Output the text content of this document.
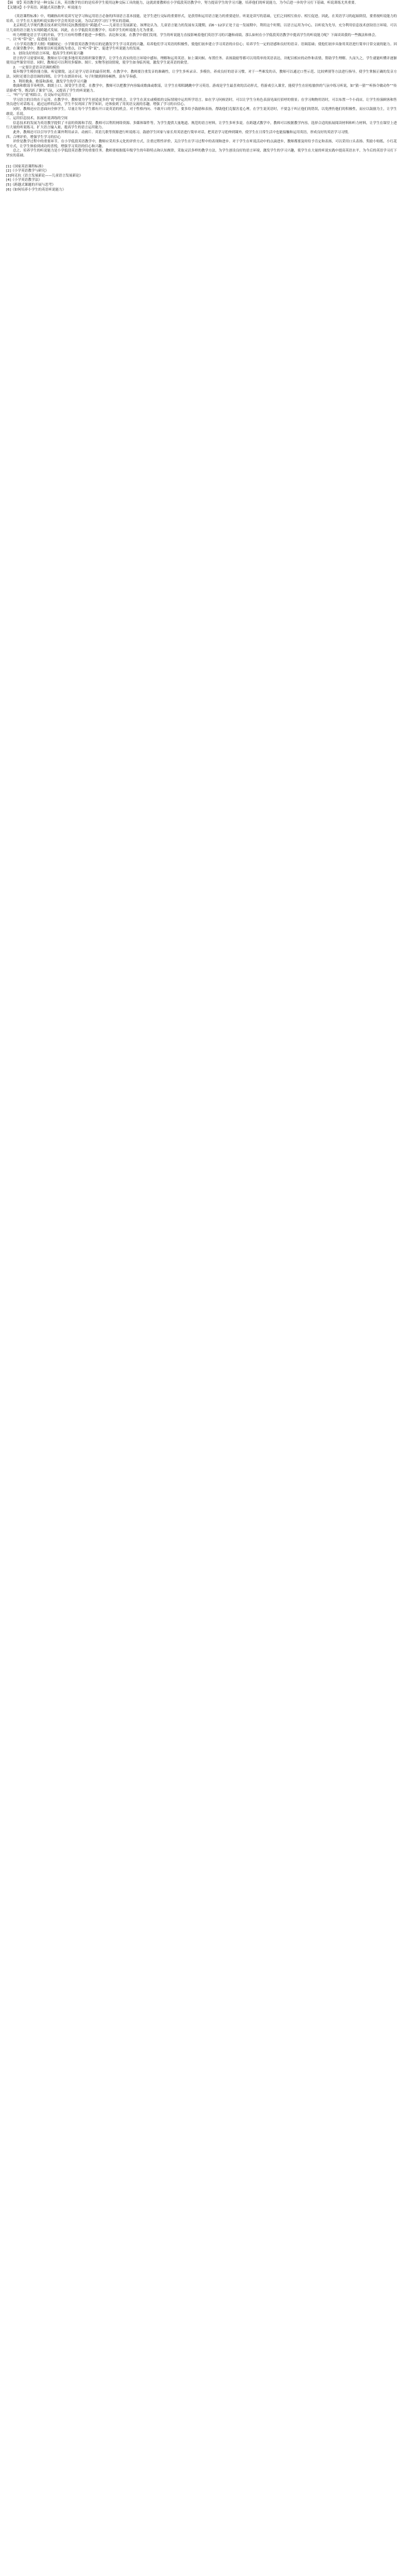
【摘　要】英语教学是一种交际工具，英语教学的目的是培养学生使用这种交际工具的能力，这就需要教师在小学低段英语教学中，努力提高学生的学习兴趣，培养他们的听说能力，为今后进一步的学习打下基础。听说训练尤其重要。

【关键词】小学英语；跨越式英语教学；听说能力

《英语课程标准》中，明确指出听说读写是学习和运用语言必备的四项语言基本技能，是学生进行交际的重要形式，是获得和运用语言能力的重要途径。听说是读写的基础，它们之间相互依存、相互促进。因此，在英语学习的起始阶段，要重视听说能力的培养，让学生在大量的听说实践中学会用英语交流，为以后的学习打下坚实的基础。

北京师范大学现代教育技术研究所何克抗教授提出“跨越式”——儿童语言发展新论。该理论认为，儿童语言能力的发展有关键期，而6～12岁正处于这一发展期中，利用这个时期，以语言运用为中心，以听说为先导，充分利用信息技术创设语言环境，可以让儿童的语言能力实现跨越式发展。因此，在小学低段英语教学中，培养学生的听说能力尤为重要。

听力理解是语言学习的开始，学生只有听得懂才能进一步模仿、表达和交流。在教学中我们发现，学生的听说能力直接影响着他们英语学习的兴趣和成绩。那么如何在小学低段英语教学中提高学生的听说能力呢？下面谈谈我的一些做法和体会。

一、以“听”带“说”，促进能力发展

《小学英语教学大纲》明确规定：小学阶段英语教学的目的是激发学生学习英语的兴趣，培养他们学习英语的积极性，使他们初步建立学习英语的自信心；培养学生一定的语感和良好的语音、语调基础；使他们初步具备用英语进行简单日常交流的能力。因此，在课堂教学中，教师要以听说训练为重点，以“听”带“说”，促进学生听说能力的发展。

1．创设良好的语言环境，提高学生的听说兴趣

语言的学习需要环境。教师应尽可能多地用英语组织课堂教学，让学生在真实的语言环境中感知、理解和运用英语。如上课问候、布置任务、表扬鼓励等都可以用简单的英语表达，并配以相应的动作和表情，帮助学生理解。久而久之，学生就能听懂并逐渐使用这些课堂用语。同时，教师还可以利用多媒体、图片、实物等创设情境，使学生如身临其境，激发学生说英语的欲望。

2．一定要注意语音语调的模仿

低年级学生模仿能力强，听觉敏锐，这正是学习语音的最佳时期。在教学中，教师要注重发音的准确性，让学生多听录音、多模仿，养成良好的语音习惯。对于一些难发的音，教师可以通过口型示范、比较辨别等方法进行指导，使学生掌握正确的发音方法。同时还要注意语调的训练，让学生在朗读单词、句子时做到抑扬顿挫，富有节奏感。

3．利用歌曲、歌谣和游戏，激发学生的学习兴趣

歌曲和歌谣节奏明快、朗朗上口，深受学生喜爱。在教学中，教师可以把教学内容编成歌曲或歌谣，让学生在唱唱跳跳中学习英语。游戏是学生最喜欢的活动形式，将游戏引入课堂，能使学生在轻松愉快的气氛中练习听说，如“猜一猜”“听指令做动作”“传话游戏”等，既活跃了课堂气氛，又提高了学生的听说能力。

二、“听”与“说”相结合，在交际中运用语言

学习语言的目的在于运用。在教学中，教师要为学生创造更多的“说”的机会，让学生在真实或模拟的交际情境中运用所学语言。如在学习问候语时，可以让学生分角色表演见面打招呼的情景；在学习购物用语时，可以布置一个小商店，让学生扮演顾客和售货员进行对话练习。通过这样的活动，学生不仅巩固了所学知识，还体验到了用英语交流的乐趣，增强了学习的自信心。

同时，教师还应注意面向全体学生，尽量让每个学生都有开口说英语的机会。对于性格内向、不敢开口的学生，要多给予鼓励和表扬，帮助他们克服害羞心理。在学生说英语时，不要急于纠正他们的错误，以免挫伤他们的积极性，而应以鼓励为主，让学生敢说、乐说。

三、运用信息技术，拓展听说训练的空间

信息技术的发展为英语教学提供了丰富的资源和手段。教师可以利用网络资源、多媒体课件等，为学生提供大量地道、规范的语言材料，让学生多听多说。在跨越式教学中，教师可以根据教学内容，选择合适的拓展阅读材料和听力材料，让学生在课堂上进行大量的听说练习，扩大语言输入量，提高学生的语言运用能力。

此外，教师还可以引导学生在课外利用录音、动画片、英语儿歌等资源进行听说练习，鼓励学生回家与家长用英语进行简单对话，把英语学习延伸到课外，使学生在日常生活中也能接触和运用英语，形成良好的英语学习习惯。

四、合理评价，增强学生学习的信心

评价是教学过程中的重要环节。在小学低段英语教学中，教师应采用多元化的评价方式，注重过程性评价，关注学生在学习过程中的表现和进步。对于学生在听说活动中的点滴进步，教师都要及时给予肯定和表扬，可以采用口头表扬、奖励小贴纸、小红花等方式，让学生体验到成功的喜悦，增强学习英语的信心和兴趣。

总之，培养学生的听说能力是小学低段英语教学的重要任务。教师要根据低年级学生的年龄特点和认知规律，采取灵活多样的教学方法，为学生创设良好的语言环境，激发学生的学习兴趣，使学生在大量的听说实践中提高英语水平，为今后的英语学习打下坚实的基础。

[1]《国家英语课程标准》

[2]《小学英语教学与研究》

[3]何克抗《语言发展新论——儿童语言发展新论》

[4]《小学英语教学法》

[5]《跨越式课题的开展与思考》

[6]《如何培养小学生的英语听说能力》
